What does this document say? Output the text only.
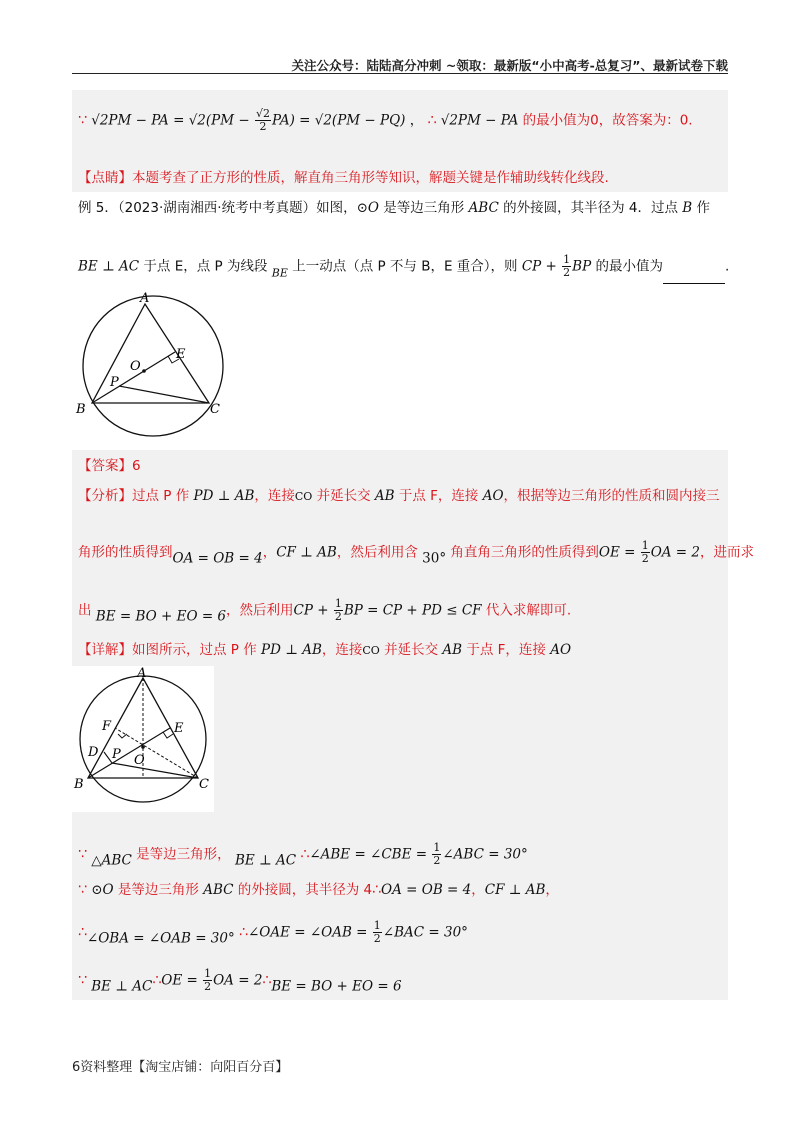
关注公众号：陆陆高分冲刺 ~领取：最新版“小中高考-总复习”、最新试卷下载
∵ √2PM − PA = $√2(PM - \frac{√2}{2} PA) = √2(PM - PQ)$ ， ∴ √2PM − PA 的最小值为0，故答案为：0.
【点睛】本题考查了正方形的性质，解直角三角形等知识，解题关键是作辅助线转化线段.
例 5．（2023·湖南湘西·统考中考真题）如图，⊙O 是等边三角形 ABC 的外接圆，其半径为 4．过点 B 作
BE ⊥ AC 于点 E，点 P 为线段 $_{BE}$ 上一动点（点 P 不与 B，E 重合），则 CP + $\frac{1}{2}$ BP 的最小值为	.
A
B	C
O
E
P
【答案】6
【分析】过点 P 作 PD ⊥ AB，连接CO 并延长交 AB 于点 F，连接 AO，根据等边三角形的性质和圆内接三
角形的性质得到OA = OB = 4，CF ⊥ AB，然后利用含 30° 角直角三角形的性质得到OE = $\frac{1}{2}$ OA = 2，进而求
出 BE = BO + EO = 6，然后利用CP + $\frac{1}{2}$ BP = CP + PD ≤ CF 代入求解即可.
【详解】如图所示，过点 P 作 PD ⊥ AB，连接CO 并延长交 AB 于点 F，连接 AO
A
B	C
O
E
P
D
F
∵ △ABC 是等边三角形， BE ⊥ AC ∴∠ABE = ∠CBE = $\frac{1}{2}$ ∠ABC = 30°
∵ ⊙O 是等边三角形 ABC 的外接圆，其半径为 4∴OA = OB = 4，CF ⊥ AB，
∴∠OBA = ∠OAB = 30° ∴∠OAE = ∠OAB = $\frac{1}{2}$ ∠BAC = 30°
∵ BE ⊥ AC∴OE = $\frac{1}{2}$ OA = 2∴BE = BO + EO = 6
6资料整理【淘宝店铺：向阳百分百】
